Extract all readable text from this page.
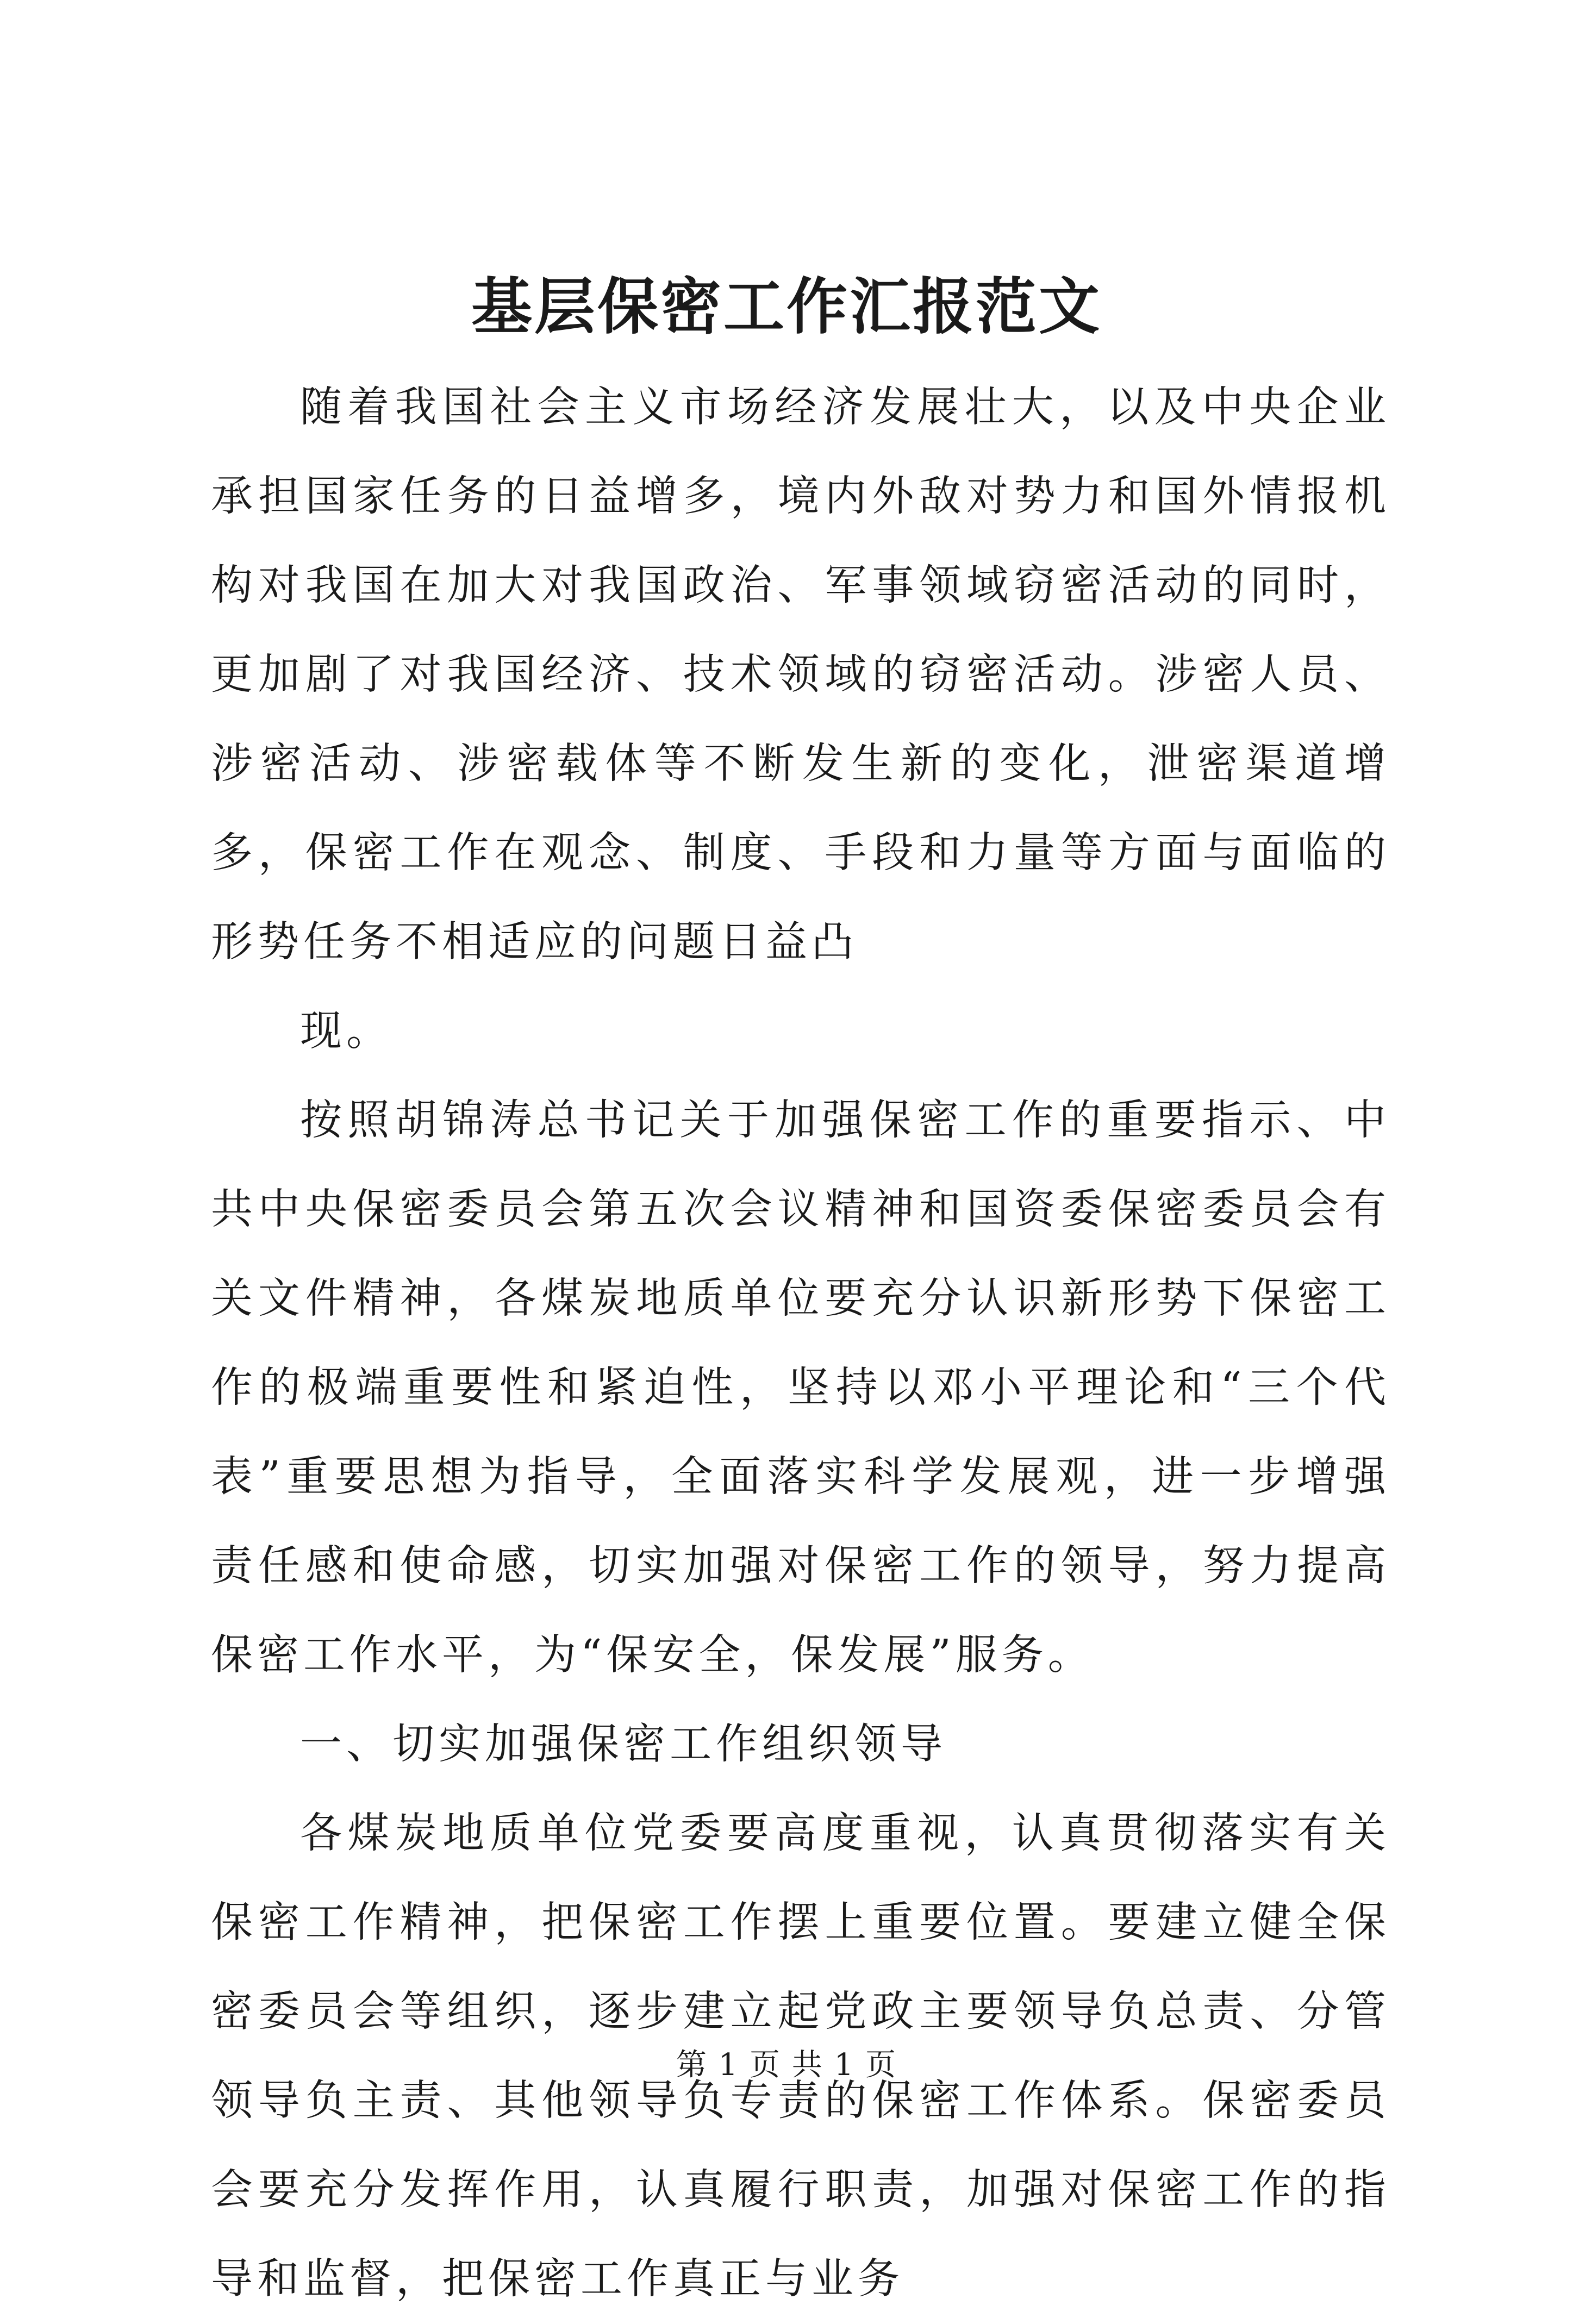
基层保密工作汇报范文

随着我国社会主义市场经济发展壮大，以及中央企业承担国家任务的日益增多，境内外敌对势力和国外情报机构对我国在加大对我国政治、军事领域窃密活动的同时，更加剧了对我国经济、技术领域的窃密活动。涉密人员、涉密活动、涉密载体等不断发生新的变化，泄密渠道增多，保密工作在观念、制度、手段和力量等方面与面临的形势任务不相适应的问题日益凸

现。

按照胡锦涛总书记关于加强保密工作的重要指示、中共中央保密委员会第五次会议精神和国资委保密委员会有关文件精神，各煤炭地质单位要充分认识新形势下保密工作的极端重要性和紧迫性，坚持以邓小平理论和“三个代表”重要思想为指导，全面落实科学发展观，进一步增强责任感和使命感，切实加强对保密工作的领导，努力提高保密工作水平，为“保安全，保发展”服务。

一、切实加强保密工作组织领导

各煤炭地质单位党委要高度重视，认真贯彻落实有关保密工作精神，把保密工作摆上重要位置。要建立健全保密委员会等组织，逐步建立起党政主要领导负总责、分管领导负主责、其他领导负专责的保密工作体系。保密委员会要充分发挥作用，认真履行职责，加强对保密工作的指导和监督，把保密工作真正与业务

第 1 页 共 1 页
